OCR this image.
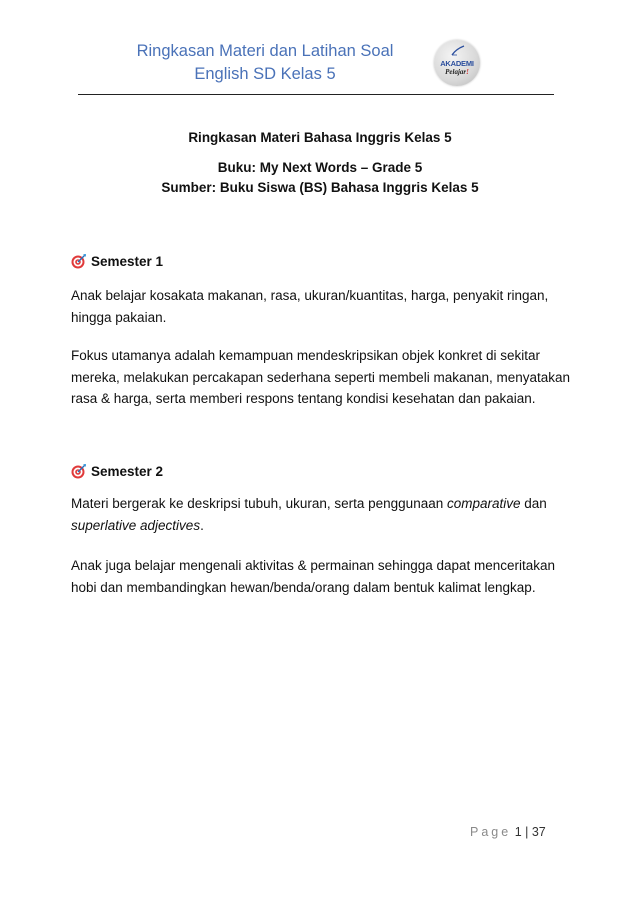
Ringkasan Materi dan Latihan Soal
English SD Kelas 5
AKADEMI
Pelajar!
Ringkasan Materi Bahasa Inggris Kelas 5
Buku: My Next Words – Grade 5
Sumber: Buku Siswa (BS) Bahasa Inggris Kelas 5
Semester 1
Anak belajar kosakata makanan, rasa, ukuran/kuantitas, harga, penyakit ringan, hingga pakaian.
Fokus utamanya adalah kemampuan mendeskripsikan objek konkret di sekitar mereka, melakukan percakapan sederhana seperti membeli makanan, menyatakan rasa & harga, serta memberi respons tentang kondisi kesehatan dan pakaian.
Semester 2
Materi bergerak ke deskripsi tubuh, ukuran, serta penggunaan comparative dan superlative adjectives.
Anak juga belajar mengenali aktivitas & permainan sehingga dapat menceritakan hobi dan membandingkan hewan/benda/orang dalam bentuk kalimat lengkap.
Page 1 | 37
